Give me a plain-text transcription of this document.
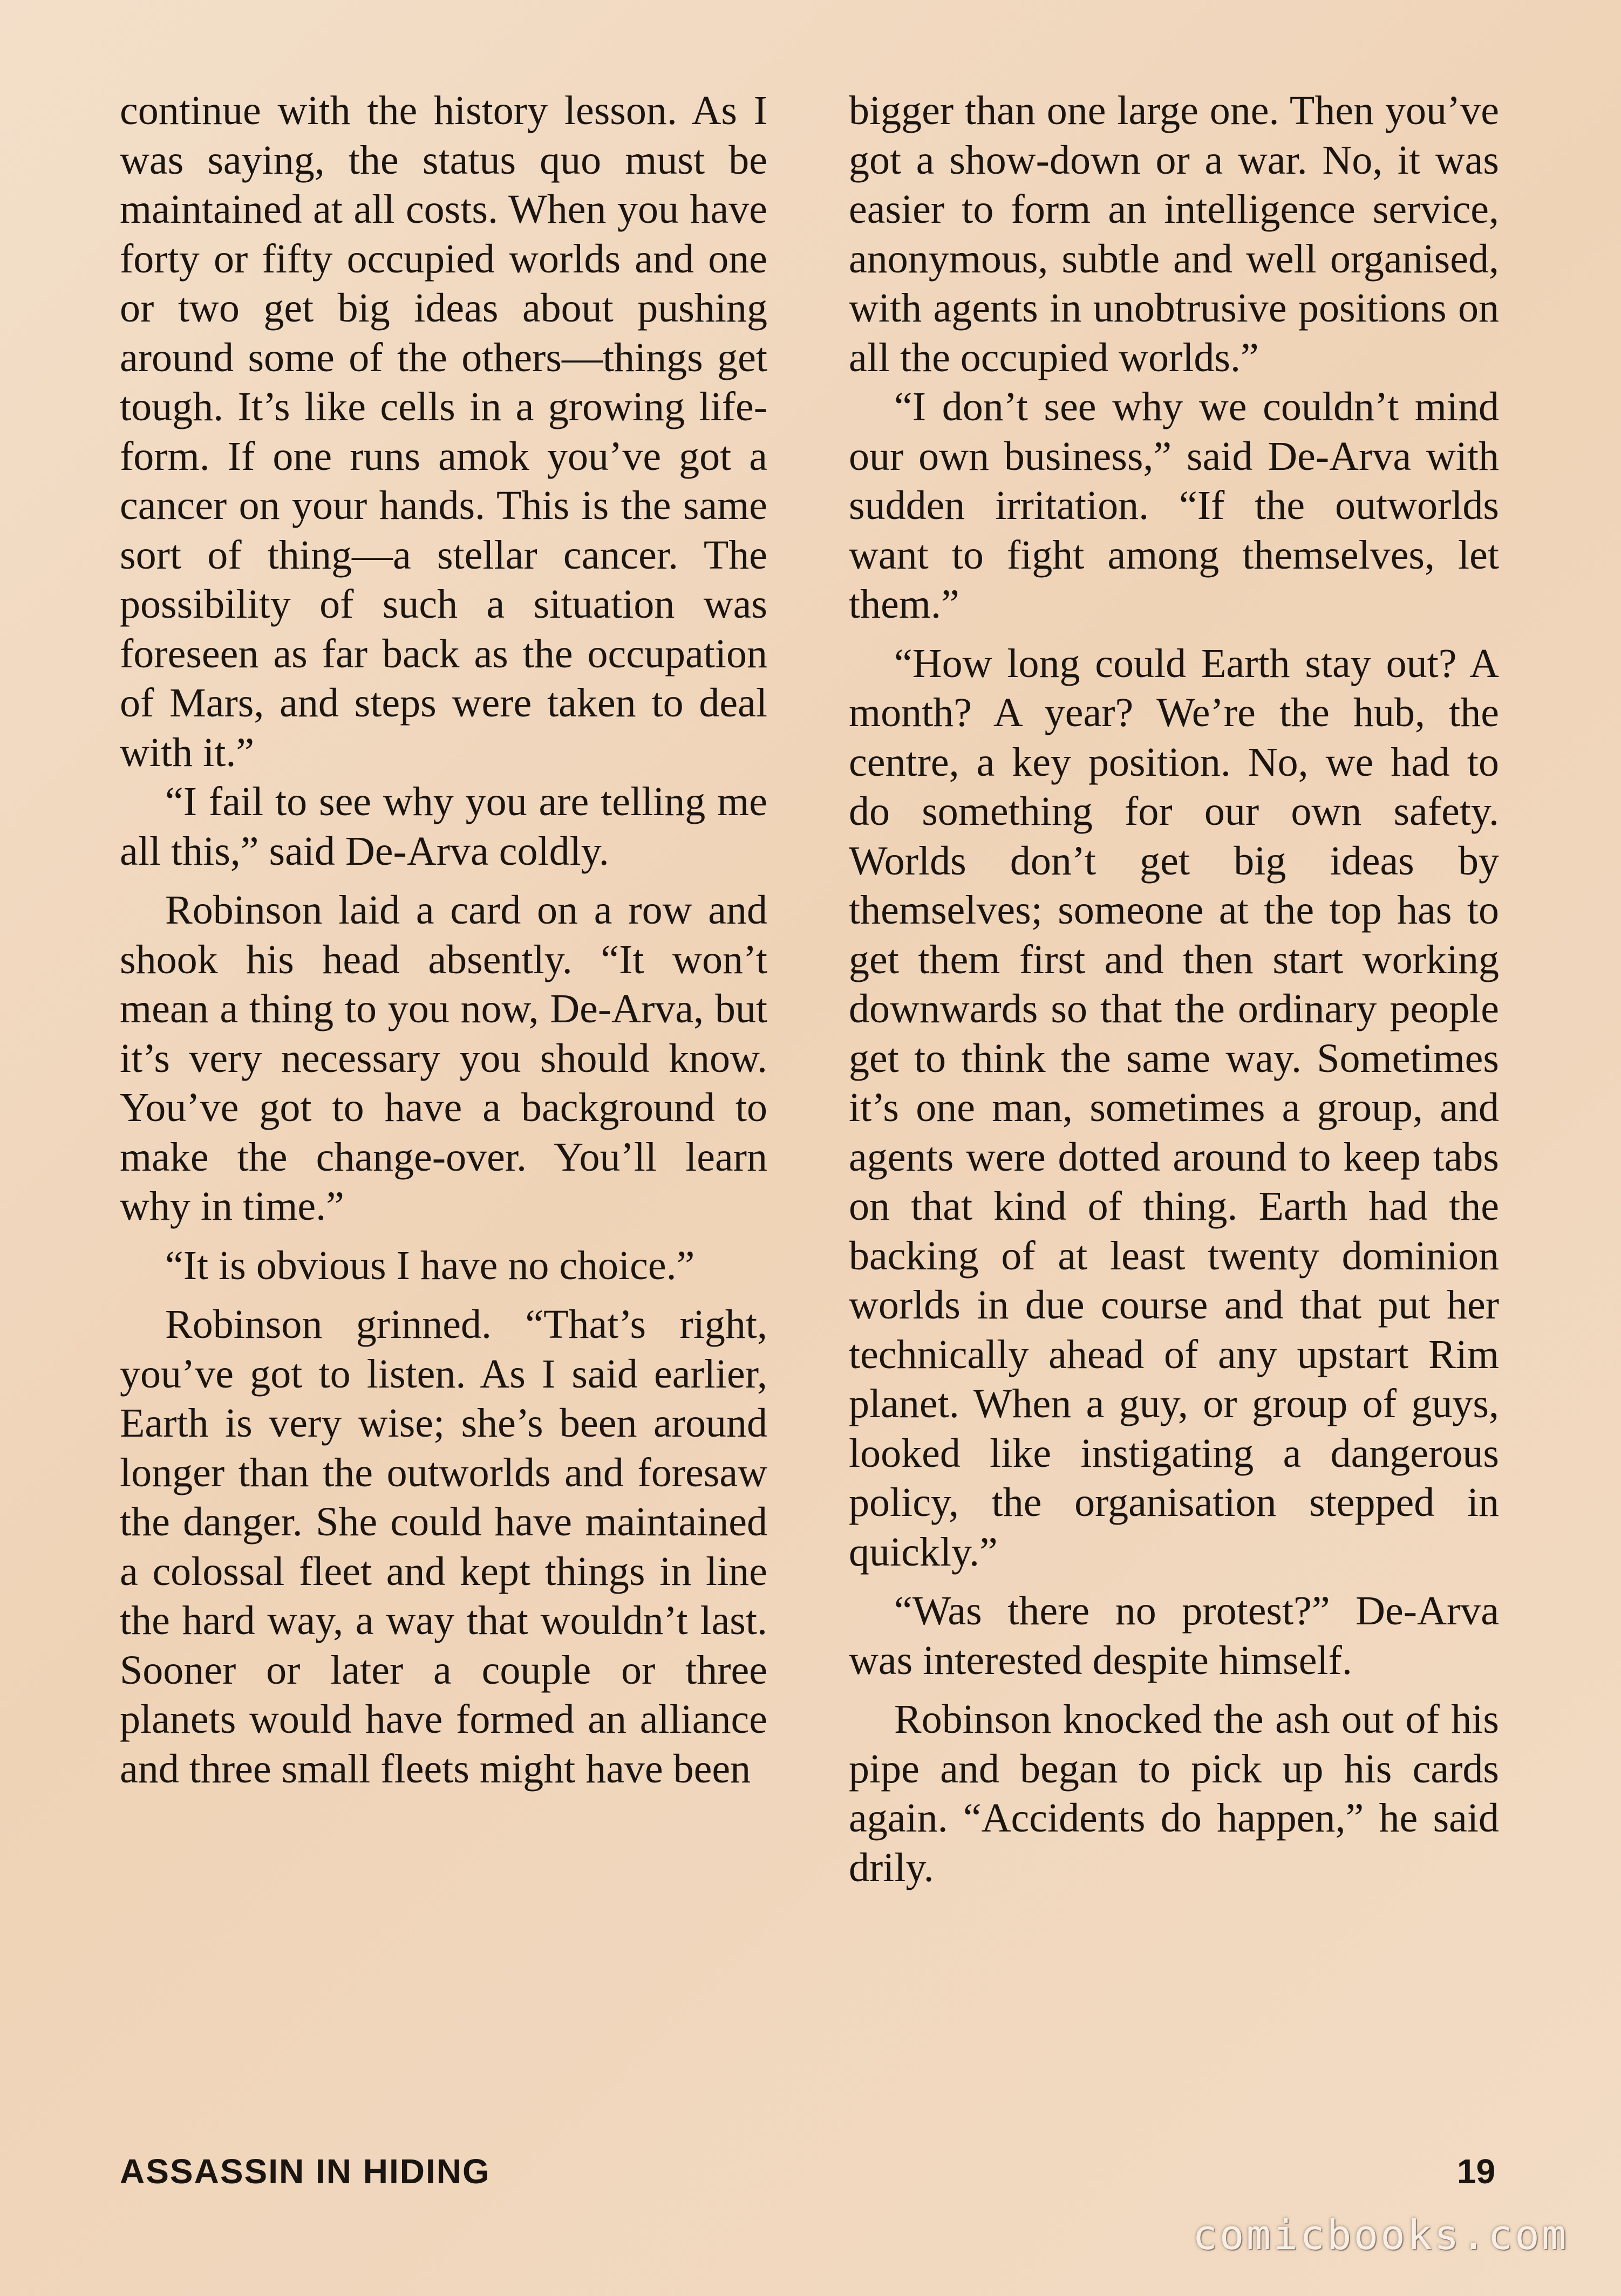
continue with the history lesson. As I was saying, the status quo must be maintained at all costs. When you have forty or fifty occupied worlds and one or two get big ideas about pushing around some of the others—things get tough. It’s like cells in a growing life-form. If one runs amok you’ve got a cancer on your hands. This is the same sort of thing—a stellar cancer. The possibility of such a situation was foreseen as far back as the occupation of Mars, and steps were taken to deal with it.”

“I fail to see why you are telling me all this,” said De-Arva coldly.

Robinson laid a card on a row and shook his head absently. “It won’t mean a thing to you now, De-Arva, but it’s very necessary you should know. You’ve got to have a background to make the change-over. You’ll learn why in time.”

“It is obvious I have no choice.”

Robinson grinned. “That’s right, you’ve got to listen. As I said earlier, Earth is very wise; she’s been around longer than the outworlds and foresaw the danger. She could have maintained a colossal fleet and kept things in line the hard way, a way that wouldn’t last. Sooner or later a couple or three planets would have formed an alliance and three small fleets might have been

bigger than one large one. Then you’ve got a show-down or a war. No, it was easier to form an intelligence service, anonymous, subtle and well organised, with agents in unobtrusive positions on all the occupied worlds.”

“I don’t see why we couldn’t mind our own business,” said De-Arva with sudden irritation. “If the outworlds want to fight among themselves, let them.”

“How long could Earth stay out? A month? A year? We’re the hub, the centre, a key position. No, we had to do something for our own safety. Worlds don’t get big ideas by themselves; someone at the top has to get them first and then start working downwards so that the ordinary people get to think the same way. Sometimes it’s one man, sometimes a group, and agents were dotted around to keep tabs on that kind of thing. Earth had the backing of at least twenty dominion worlds in due course and that put her technically ahead of any upstart Rim planet. When a guy, or group of guys, looked like instigating a dangerous policy, the organisation stepped in quickly.”

“Was there no protest?” De-Arva was interested despite himself.

Robinson knocked the ash out of his pipe and began to pick up his cards again. “Accidents do happen,” he said drily.

ASSASSIN IN HIDING	19
comicbooks.com
